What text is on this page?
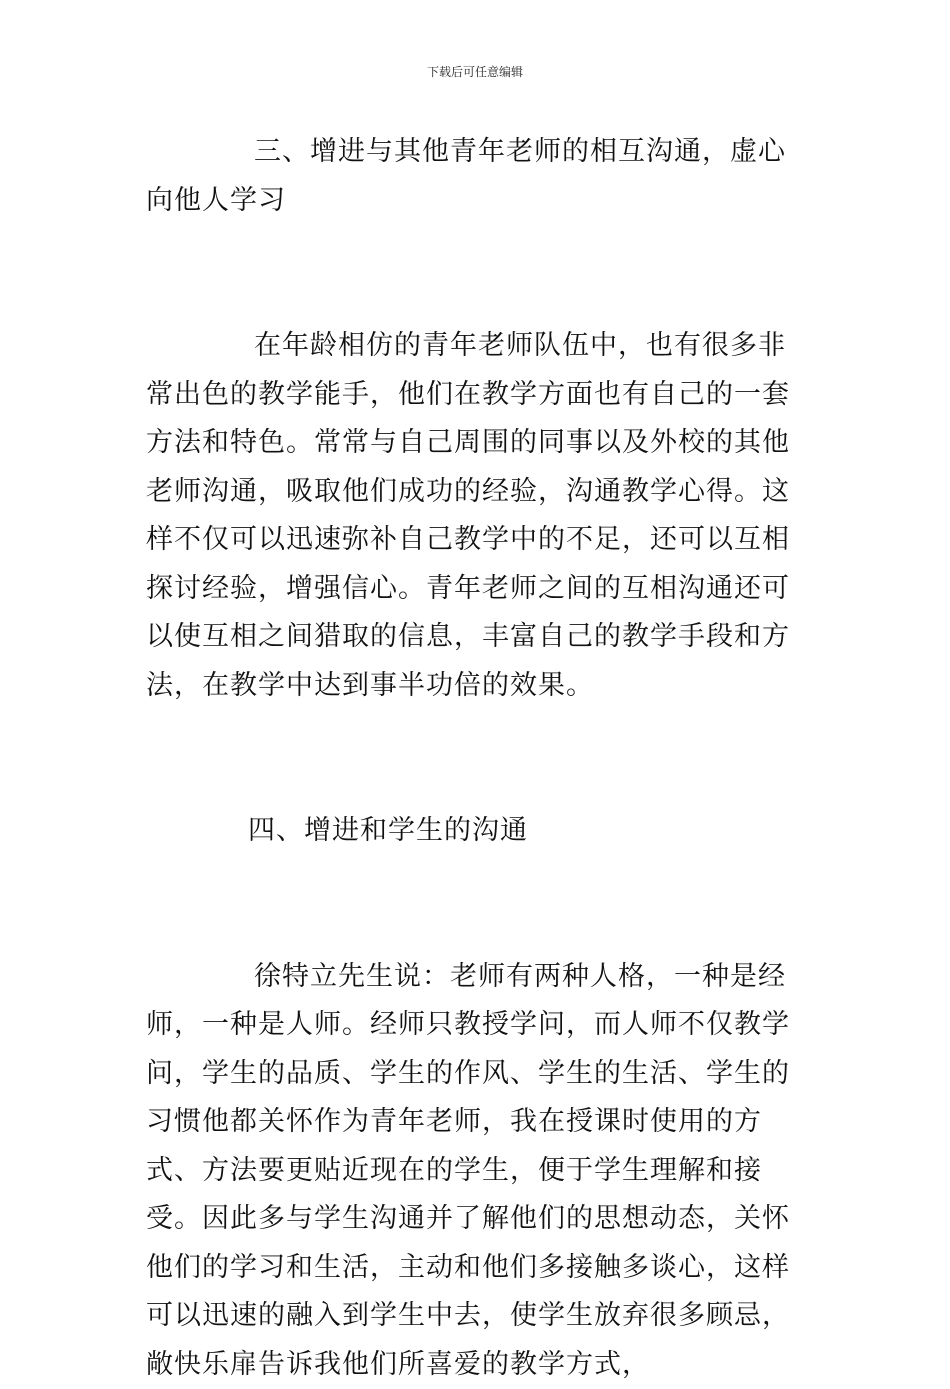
下载后可任意编辑

三、增进与其他青年老师的相互沟通，虚心向他人学习

在年龄相仿的青年老师队伍中，也有很多非常出色的教学能手，他们在教学方面也有自己的一套方法和特色。常常与自己周围的同事以及外校的其他老师沟通，吸取他们成功的经验，沟通教学心得。这样不仅可以迅速弥补自己教学中的不足，还可以互相探讨经验，增强信心。青年老师之间的互相沟通还可以使互相之间猎取的信息，丰富自己的教学手段和方法，在教学中达到事半功倍的效果。

四、增进和学生的沟通

徐特立先生说：老师有两种人格，一种是经师，一种是人师。经师只教授学问，而人师不仅教学问，学生的品质、学生的作风、学生的生活、学生的习惯他都关怀作为青年老师，我在授课时使用的方式、方法要更贴近现在的学生，便于学生理解和接受。因此多与学生沟通并了解他们的思想动态，关怀他们的学习和生活，主动和他们多接触多谈心，这样可以迅速的融入到学生中去，使学生放弃很多顾忌，敞快乐扉告诉我他们所喜爱的教学方式，
